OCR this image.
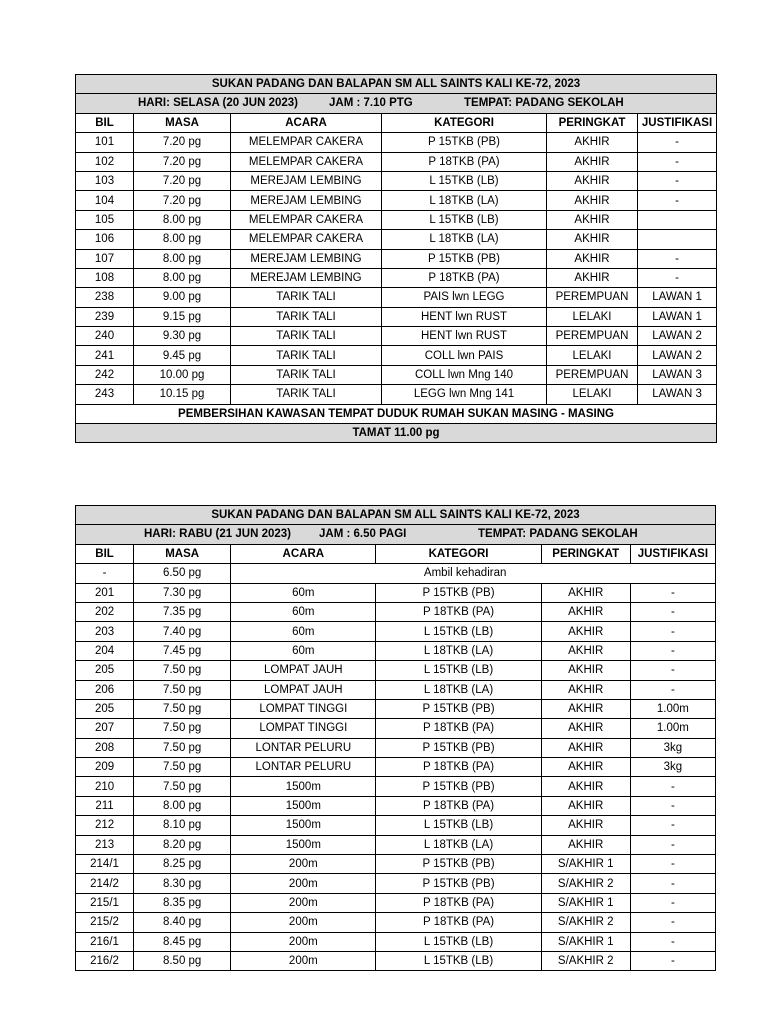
SUKAN PADANG DAN BALAPAN SM ALL SAINTS KALI KE-72, 2023					

HARI: SELASA (20 JUN 2023) JAM : 7.10 PTG TEMPAT: PADANG SEKOLAH					

BIL	MASA	ACARA	KATEGORI	PERINGKAT	JUSTIFIKASI
101	7.20 pg	MELEMPAR CAKERA	P 15TKB (PB)	AKHIR	-
102	7.20 pg	MELEMPAR CAKERA	P 18TKB (PA)	AKHIR	-
103	7.20 pg	MEREJAM LEMBING	L 15TKB (LB)	AKHIR	-
104	7.20 pg	MEREJAM LEMBING	L 18TKB (LA)	AKHIR	-
105	8.00 pg	MELEMPAR CAKERA	L 15TKB (LB)	AKHIR	
106	8.00 pg	MELEMPAR CAKERA	L 18TKB (LA)	AKHIR	
107	8.00 pg	MEREJAM LEMBING	P 15TKB (PB)	AKHIR	-
108	8.00 pg	MEREJAM LEMBING	P 18TKB (PA)	AKHIR	-
238	9.00 pg	TARIK TALI	PAIS lwn LEGG	PEREMPUAN	LAWAN 1
239	9.15 pg	TARIK TALI	HENT lwn RUST	LELAKI	LAWAN 1
240	9.30 pg	TARIK TALI	HENT lwn RUST	PEREMPUAN	LAWAN 2
241	9.45 pg	TARIK TALI	COLL lwn PAIS	LELAKI	LAWAN 2
242	10.00 pg	TARIK TALI	COLL lwn Mng 140	PEREMPUAN	LAWAN 3
243	10.15 pg	TARIK TALI	LEGG lwn Mng 141	LELAKI	LAWAN 3
PEMBERSIHAN KAWASAN TEMPAT DUDUK RUMAH SUKAN MASING - MASING					
TAMAT 11.00 pg					
SUKAN PADANG DAN BALAPAN SM ALL SAINTS KALI KE-72, 2023					

HARI: RABU (21 JUN 2023) JAM : 6.50 PAGI TEMPAT: PADANG SEKOLAH					

BIL	MASA	ACARA	KATEGORI	PERINGKAT	JUSTIFIKASI
-	6.50 pg		Ambil kehadiran		
201	7.30 pg	60m	P 15TKB (PB)	AKHIR	-
202	7.35 pg	60m	P 18TKB (PA)	AKHIR	-
203	7.40 pg	60m	L 15TKB (LB)	AKHIR	-
204	7.45 pg	60m	L 18TKB (LA)	AKHIR	-
205	7.50 pg	LOMPAT JAUH	L 15TKB (LB)	AKHIR	-
206	7.50 pg	LOMPAT JAUH	L 18TKB (LA)	AKHIR	-
205	7.50 pg	LOMPAT TINGGI	P 15TKB (PB)	AKHIR	1.00m
207	7.50 pg	LOMPAT TINGGI	P 18TKB (PA)	AKHIR	1.00m
208	7.50 pg	LONTAR PELURU	P 15TKB (PB)	AKHIR	3kg
209	7.50 pg	LONTAR PELURU	P 18TKB (PA)	AKHIR	3kg
210	7.50 pg	1500m	P 15TKB (PB)	AKHIR	-
211	8.00 pg	1500m	P 18TKB (PA)	AKHIR	-
212	8.10 pg	1500m	L 15TKB (LB)	AKHIR	-
213	8.20 pg	1500m	L 18TKB (LA)	AKHIR	-
214/1	8.25 pg	200m	P 15TKB (PB)	S/AKHIR 1	-
214/2	8.30 pg	200m	P 15TKB (PB)	S/AKHIR 2	-
215/1	8.35 pg	200m	P 18TKB (PA)	S/AKHIR 1	-
215/2	8.40 pg	200m	P 18TKB (PA)	S/AKHIR 2	-
216/1	8.45 pg	200m	L 15TKB (LB)	S/AKHIR 1	-
216/2	8.50 pg	200m	L 15TKB (LB)	S/AKHIR 2	-
